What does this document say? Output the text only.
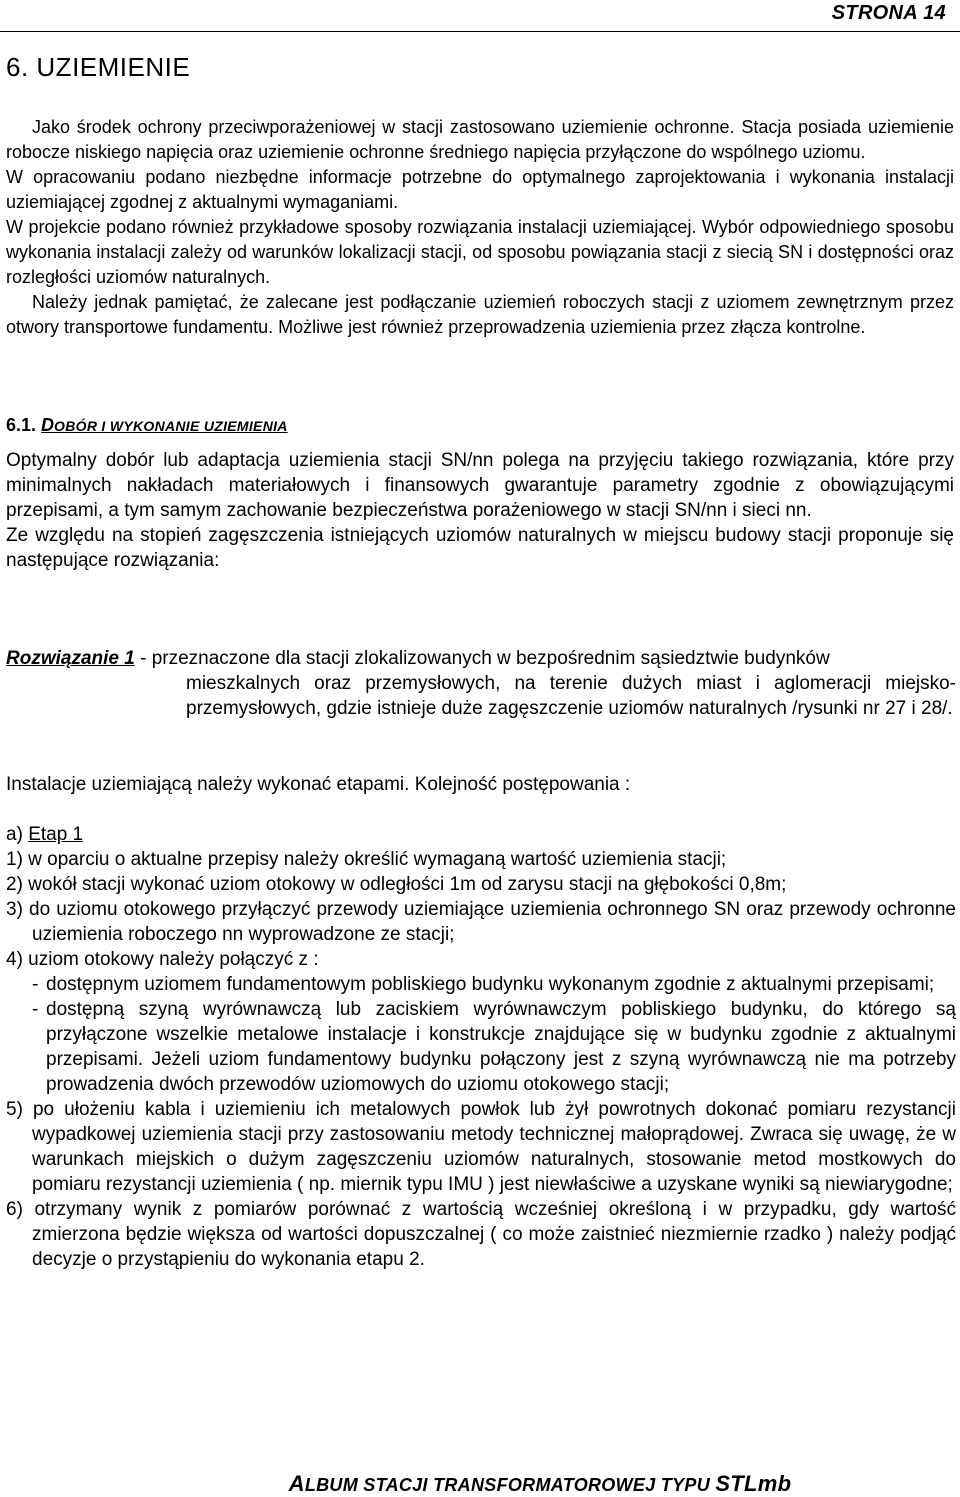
STRONA 14
6. UZIEMIENIE

Jako środek ochrony przeciwporażeniowej w stacji zastosowano uziemienie ochronne. Stacja posiada uziemienie robocze niskiego napięcia oraz uziemienie ochronne średniego napięcia przyłączone do wspólnego uziomu.

W opracowaniu podano niezbędne informacje potrzebne do optymalnego zaprojektowania i wykonania instalacji uziemiającej zgodnej z aktualnymi wymaganiami.

W projekcie podano również przykładowe sposoby rozwiązania instalacji uziemiającej. Wybór odpowiedniego sposobu wykonania instalacji zależy od warunków lokalizacji stacji, od sposobu powiązania stacji z siecią SN i dostępności oraz rozległości uziomów naturalnych.

Należy jednak pamiętać, że zalecane jest podłączanie uziemień roboczych stacji z uziomem zewnętrznym przez otwory transportowe fundamentu. Możliwe jest również przeprowadzenia uziemienia przez złącza kontrolne.

6.1. DOBÓR I WYKONANIE UZIEMIENIA

Optymalny dobór lub adaptacja uziemienia stacji SN/nn polega na przyjęciu takiego rozwiązania, które przy minimalnych nakładach materiałowych i finansowych gwarantuje parametry zgodnie z obowiązującymi przepisami, a tym samym zachowanie bezpieczeństwa porażeniowego w stacji SN/nn i sieci nn.

Ze względu na stopień zagęszczenia istniejących uziomów naturalnych w miejscu budowy stacji proponuje się następujące rozwiązania:

Rozwiązanie 1 - przeznaczone dla stacji zlokalizowanych w bezpośrednim sąsiedztwie budynków
mieszkalnych oraz przemysłowych, na terenie dużych miast i aglomeracji miejsko-przemysłowych, gdzie istnieje duże zagęszczenie uziomów naturalnych /rysunki nr 27 i 28/.
Instalacje uziemiającą należy wykonać etapami. Kolejność postępowania :
a) Etap 1
1) w oparciu o aktualne przepisy należy określić wymaganą wartość uziemienia stacji;
2) wokół stacji wykonać uziom otokowy w odległości 1m od zarysu stacji na głębokości 0,8m;
3) do uziomu otokowego przyłączyć przewody uziemiające uziemienia ochronnego SN oraz przewody ochronne uziemienia roboczego nn wyprowadzone ze stacji;
4) uziom otokowy należy połączyć z :
- dostępnym uziomem fundamentowym pobliskiego budynku wykonanym zgodnie z aktualnymi przepisami;
- dostępną szyną wyrównawczą lub zaciskiem wyrównawczym pobliskiego budynku, do którego są przyłączone wszelkie metalowe instalacje i konstrukcje znajdujące się w budynku zgodnie z aktualnymi przepisami. Jeżeli uziom fundamentowy budynku połączony jest z szyną wyrównawczą nie ma potrzeby prowadzenia dwóch przewodów uziomowych do uziomu otokowego stacji;
5) po ułożeniu kabla i uziemieniu ich metalowych powłok lub żył powrotnych dokonać pomiaru rezystancji wypadkowej uziemienia stacji przy zastosowaniu metody technicznej małoprądowej. Zwraca się uwagę, że w warunkach miejskich o dużym zagęszczeniu uziomów naturalnych, stosowanie metod mostkowych do pomiaru rezystancji uziemienia ( np. miernik typu IMU ) jest niewłaściwe a uzyskane wyniki są niewiarygodne;
6) otrzymany wynik z pomiarów porównać z wartością wcześniej określoną i w przypadku, gdy wartość zmierzona będzie większa od wartości dopuszczalnej ( co może zaistnieć niezmiernie rzadko ) należy podjąć decyzje o przystąpieniu do wykonania etapu 2.
ALBUM STACJI TRANSFORMATOROWEJ TYPU STLmb
